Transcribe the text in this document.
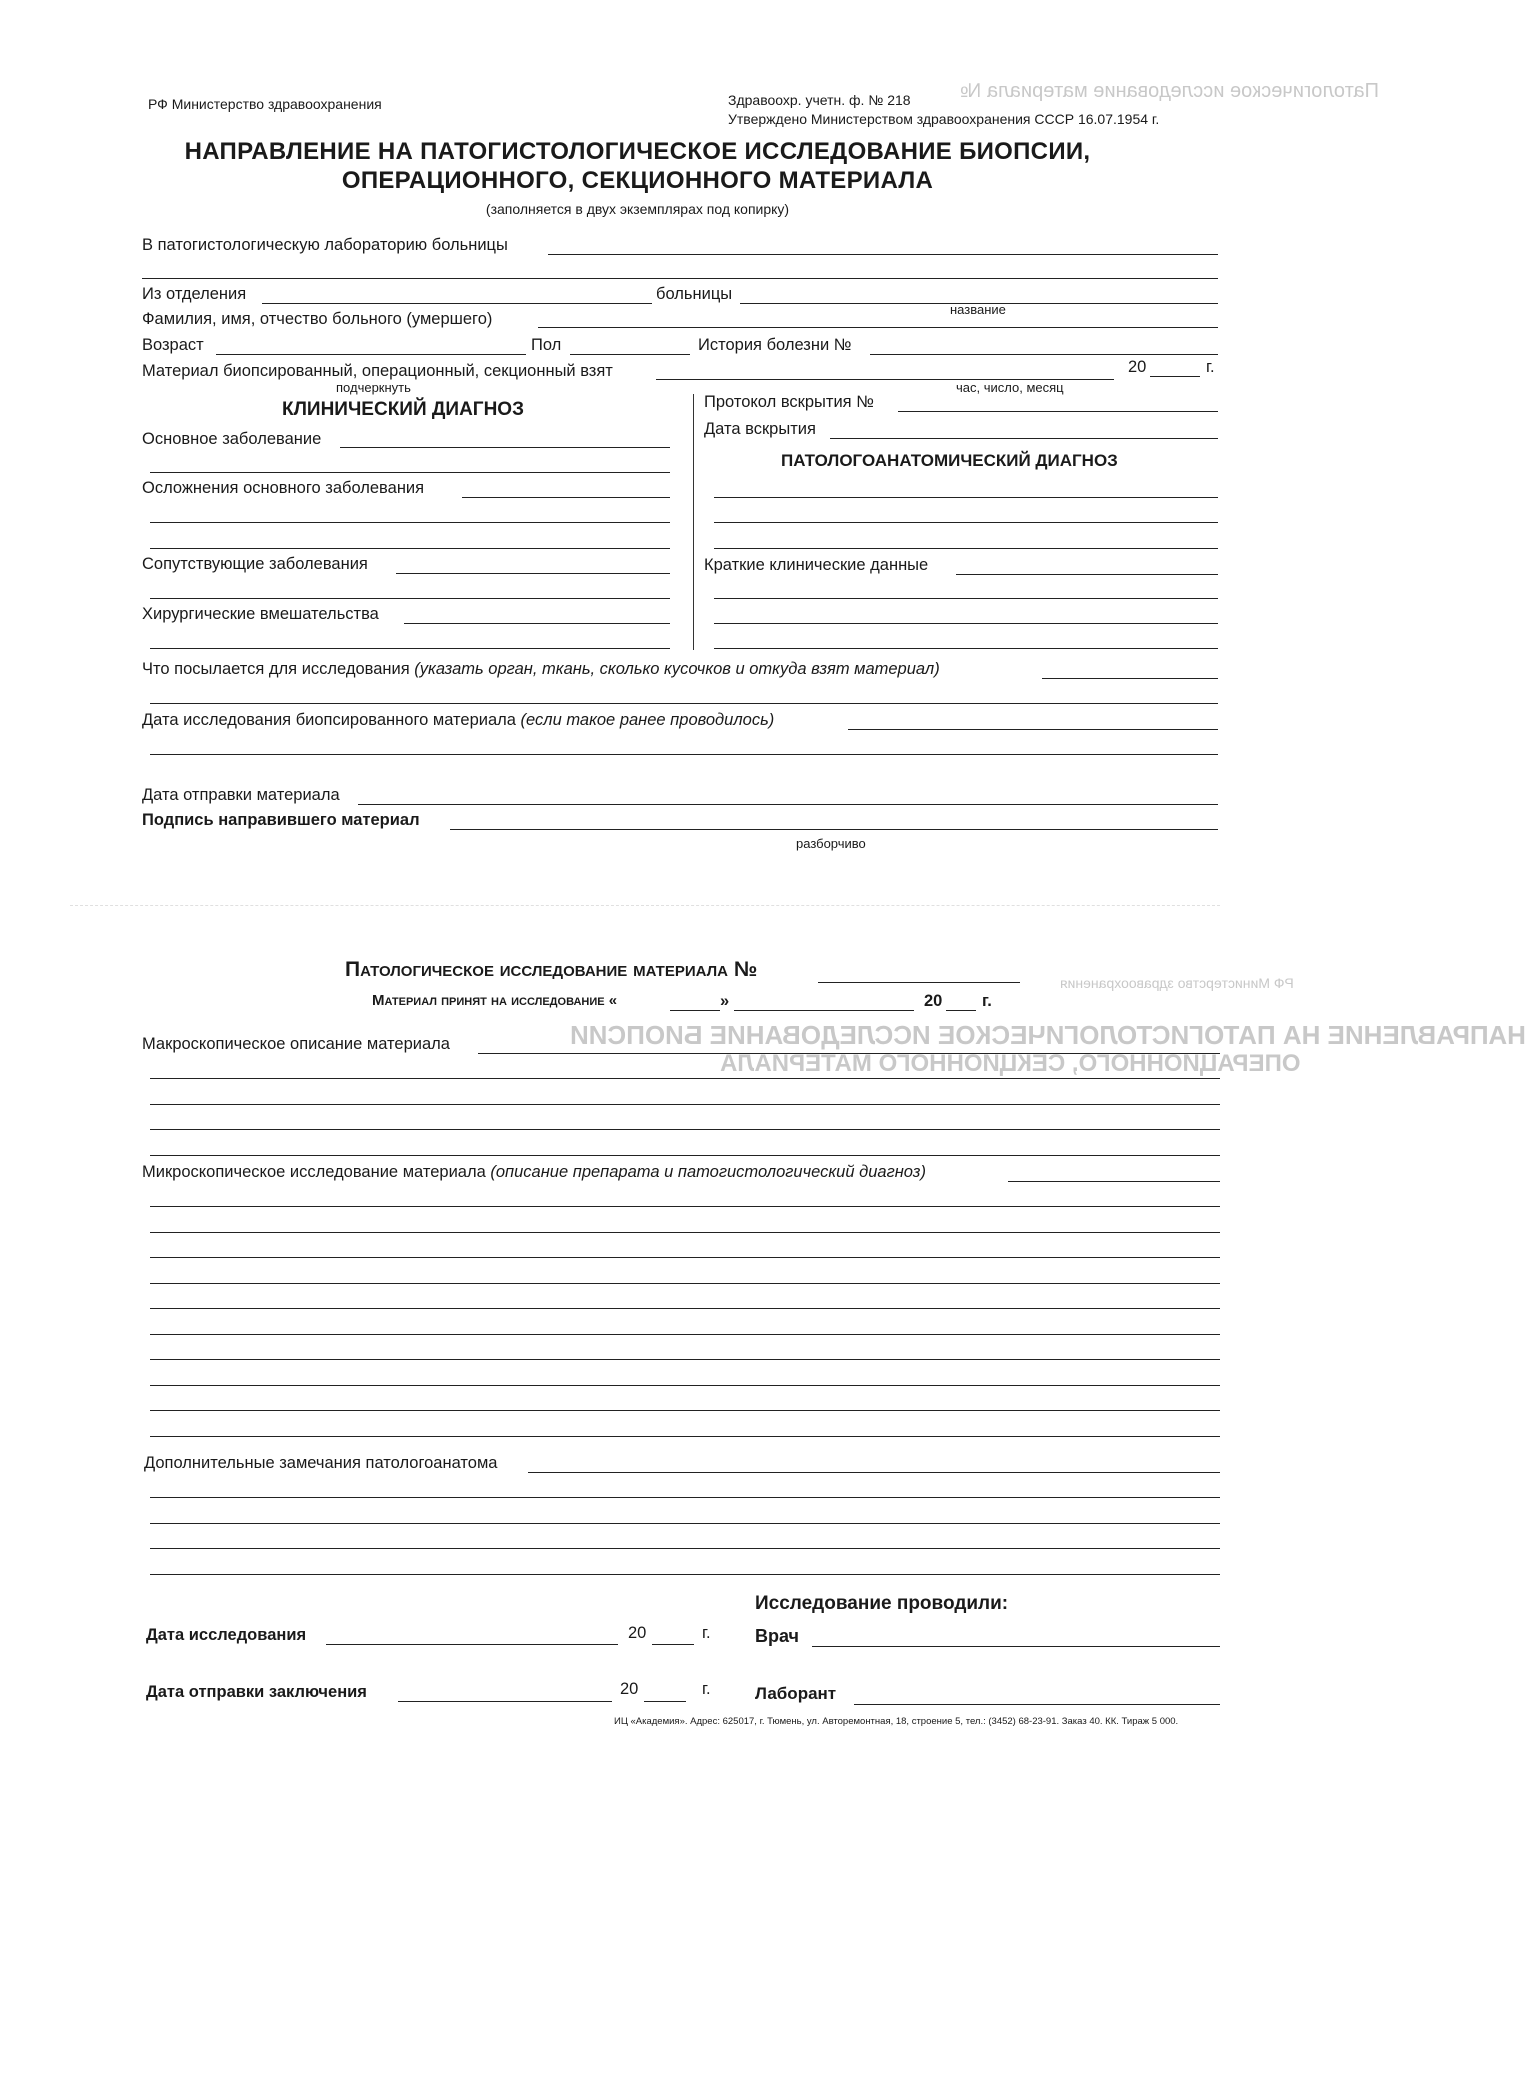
Патологическое исследование материала №
РФ Министерство здравоохранения
НАПРАВЛЕНИЕ НА ПАТОГИСТОЛОГИЧЕСКОЕ ИССЛЕДОВАНИЕ БИОПСИИ
ОПЕРАЦИОННОГО, СЕКЦИОННОГО МАТЕРИАЛА
РФ Министерство здравоохранения	Здравоохр. учетн. ф. № 218
Утверждено Министерством здравоохранения СССР 16.07.1954 г.
НАПРАВЛЕНИЕ НА ПАТОГИСТОЛОГИЧЕСКОЕ ИССЛЕДОВАНИЕ БИОПСИИ,
ОПЕРАЦИОННОГО, СЕКЦИОННОГО МАТЕРИАЛА
(заполняется в двух экземплярах под копирку)
В патогистологическую лабораторию больницы
Из отделения	больницы
название
Фамилия, имя, отчество больного (умершего)
Возраст	Пол	История болезни №
Материал биопсированный, операционный, секционный взят	20	г.
подчеркнуть	час, число, месяц
КЛИНИЧЕСКИЙ ДИАГНОЗ
Основное заболевание
Осложнения основного заболевания
Сопутствующие заболевания
Хирургические вмешательства
Протокол вскрытия №
Дата вскрытия
ПАТОЛОГОАНАТОМИЧЕСКИЙ ДИАГНОЗ
Краткие клинические данные
Что посылается для исследования (указать орган, ткань, сколько кусочков и откуда взят материал)
Дата исследования биопсированного материала (если такое ранее проводилось)
Дата отправки материала
Подпись направившего материал
разборчиво
Патологическое исследование материала №
Материал принят на исследование «	»	20 г.
Макроскопическое описание материала
Микроскопическое исследование материала (описание препарата и патогистологический диагноз)
Дополнительные замечания патологоанатома
Исследование проводили:
Дата исследования	20	г. Врач
Дата отправки заключения	20	г.	Лаборант
ИЦ «Академия». Адрес: 625017, г. Тюмень, ул. Авторемонтная, 18, строение 5, тел.: (3452) 68-23-91. Заказ 40. КК. Тираж 5 000.
